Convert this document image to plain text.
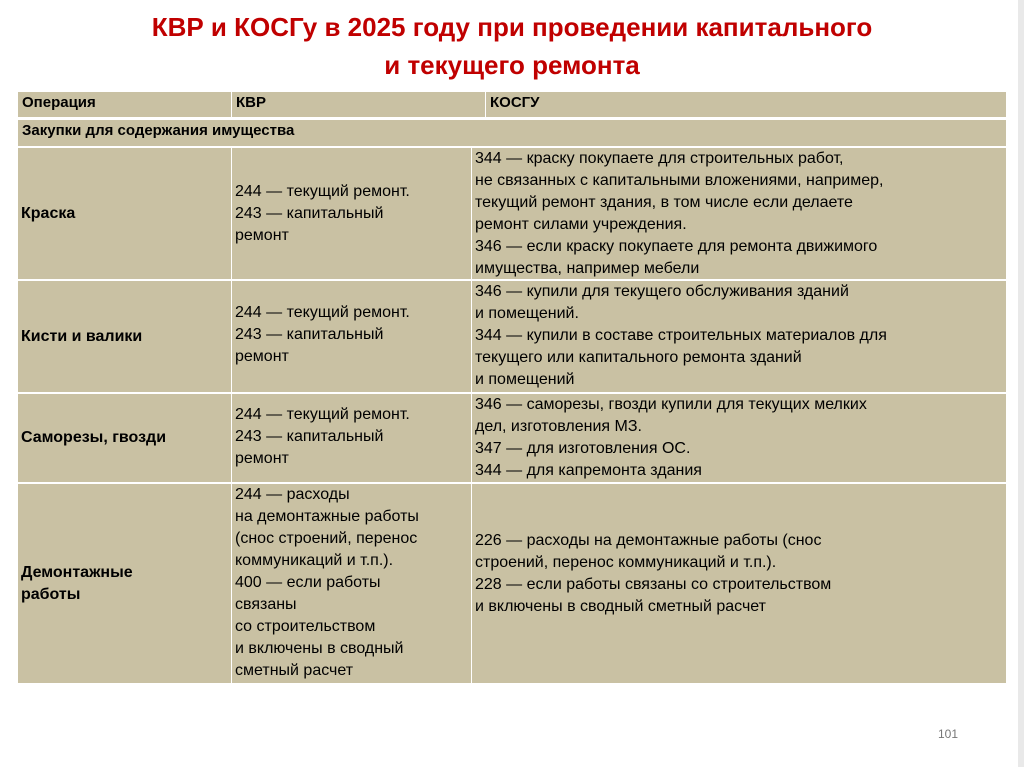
КВР и КОСГу в 2025 году при проведении капитального
и текущего ремонта
Операция	КВР	КОСГУ
Закупки для содержания имущества
Краска
244 — текущий ремонт.
243 — капитальный
ремонт
344 — краску покупаете для строительных работ,
не связанных с капитальными вложениями, например,
текущий ремонт здания, в том числе если делаете
ремонт силами учреждения.
346 — если краску покупаете для ремонта движимого
имущества, например мебели
Кисти и валики
244 — текущий ремонт.
243 — капитальный
ремонт
346 — купили для текущего обслуживания зданий
и помещений.
344 — купили в составе строительных материалов для
текущего или капитального ремонта зданий
и помещений
Саморезы, гвозди
244 — текущий ремонт.
243 — капитальный
ремонт
346 — саморезы, гвозди купили для текущих мелких
дел, изготовления МЗ.
347 — для изготовления ОС.
344 — для капремонта здания
Демонтажные
работы
244 — расходы
на демонтажные работы
(снос строений, перенос
коммуникаций и т.п.).
400 — если работы
связаны
со строительством
и включены в сводный
сметный расчет
226 — расходы на демонтажные работы (снос
строений, перенос коммуникаций и т.п.).
228 — если работы связаны со строительством
и включены в сводный сметный расчет
101
